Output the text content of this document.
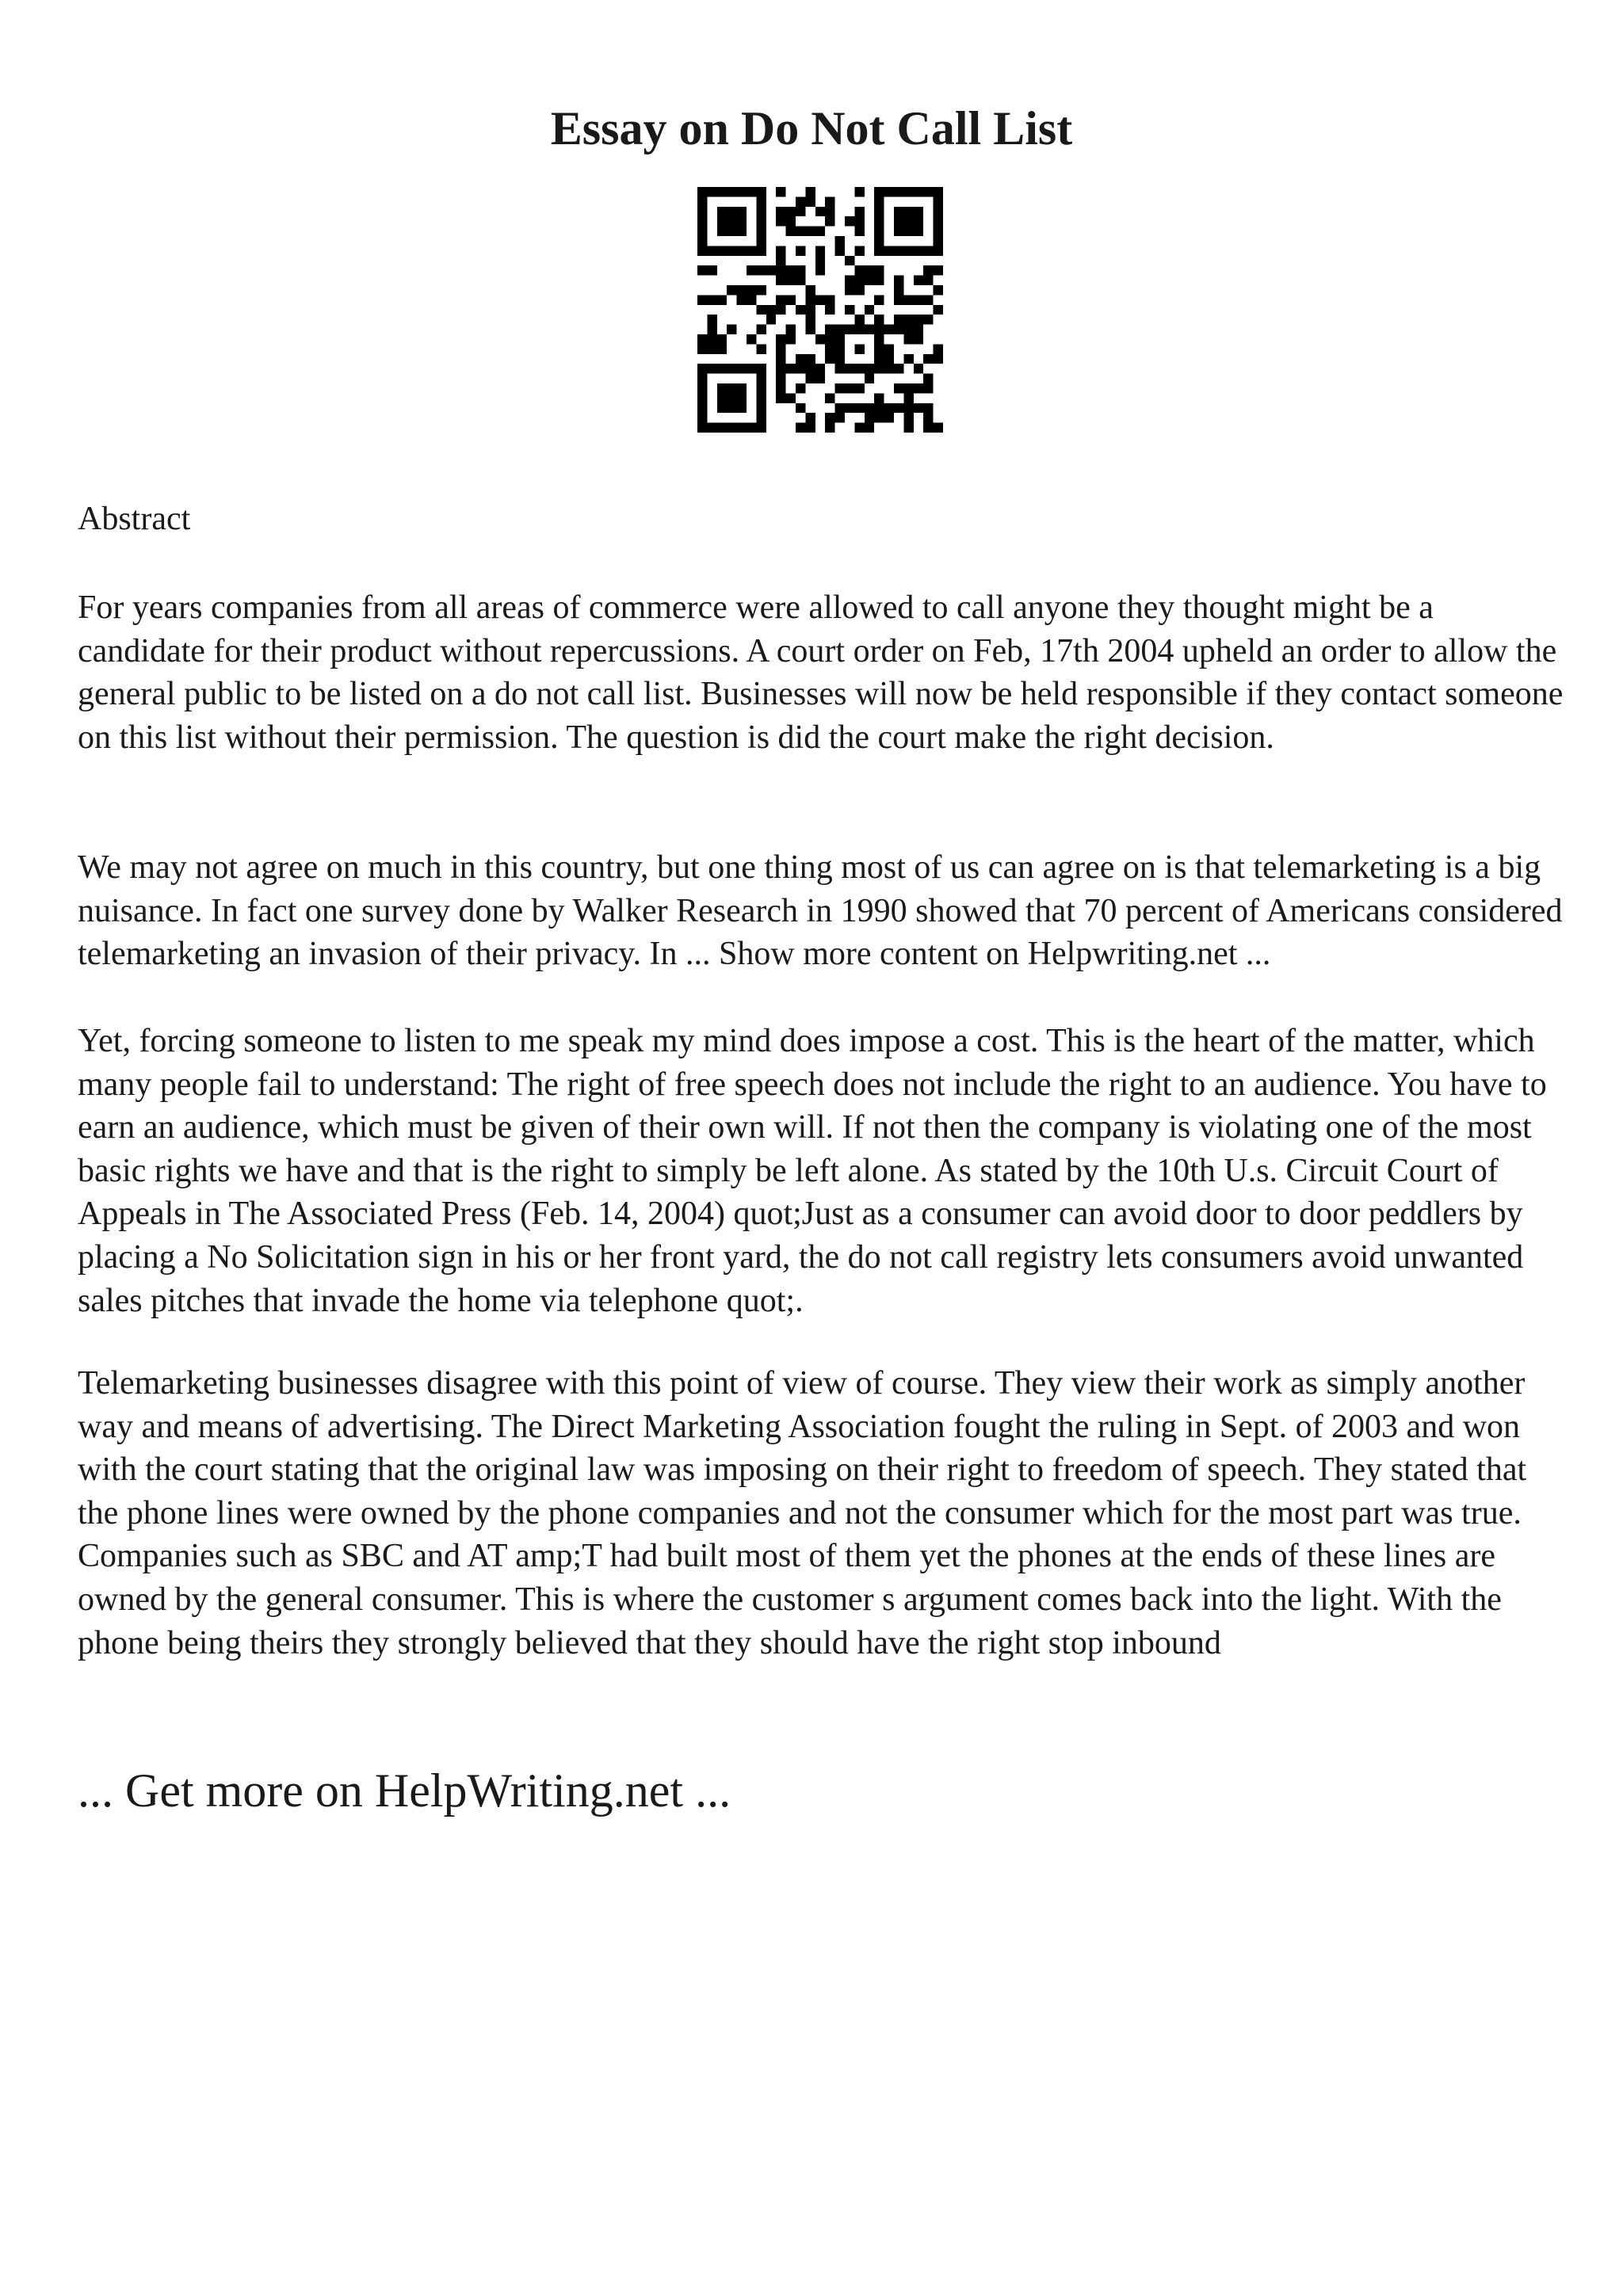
Essay on Do Not Call List
Abstract

For years companies from all areas of commerce were allowed to call anyone they thought might be a candidate for their product without repercussions. A court order on Feb, 17th 2004 upheld an order to allow the general public to be listed on a do not call list. Businesses will now be held responsible if they contact someone on this list without their permission. The question is did the court make the right decision.

We may not agree on much in this country, but one thing most of us can agree on is that telemarketing is a big nuisance. In fact one survey done by Walker Research in 1990 showed that 70 percent of Americans considered telemarketing an invasion of their privacy. In ... Show more content on Helpwriting.net ...

Yet, forcing someone to listen to me speak my mind does impose a cost. This is the heart of the matter, which many people fail to understand: The right of free speech does not include the right to an audience. You have to earn an audience, which must be given of their own will. If not then the company is violating one of the most basic rights we have and that is the right to simply be left alone. As stated by the 10th U.s. Circuit Court of Appeals in The Associated Press (Feb. 14, 2004) quot;Just as a consumer can avoid door to door peddlers by placing a No Solicitation sign in his or her front yard, the do not call registry lets consumers avoid unwanted sales pitches that invade the home via telephone quot;.

Telemarketing businesses disagree with this point of view of course. They view their work as simply another way and means of advertising. The Direct Marketing Association fought the ruling in Sept. of 2003 and won with the court stating that the original law was imposing on their right to freedom of speech. They stated that the phone lines were owned by the phone companies and not the consumer which for the most part was true. Companies such as SBC and AT amp;T had built most of them yet the phones at the ends of these lines are owned by the general consumer. This is where the customer s argument comes back into the light. With the phone being theirs they strongly believed that they should have the right stop inbound

... Get more on HelpWriting.net ...
